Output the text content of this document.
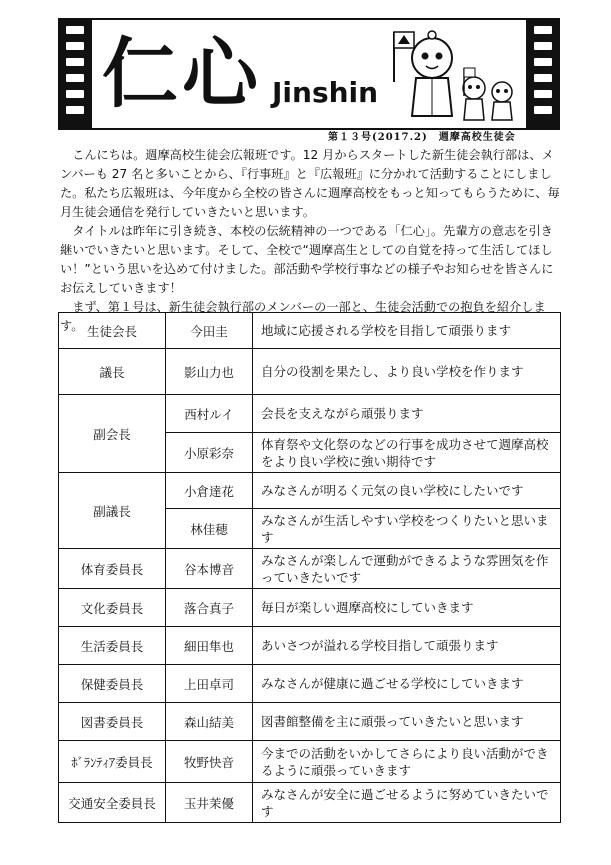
仁心 Jinshin
第１３号(2017.2)　週摩高校生徒会

こんにちは。週摩高校生徒会広報班です。12 月からスタートした新生徒会執行部は、メンバーも 27 名と多いことから、『行事班』と『広報班』に分かれて活動することにしました。私たち広報班は、今年度から全校の皆さんに週摩高校をもっと知ってもらうために、毎月生徒会通信を発行していきたいと思います。

タイトルは昨年に引き続き、本校の伝統精神の一つである「仁心」。先輩方の意志を引き継いでいきたいと思います。そして、全校で“週摩高生としての自覚を持って生活してほしい！”という思いを込めて付けました。部活動や学校行事などの様子やお知らせを皆さんにお伝えしていきます！

まず、第１号は、新生徒会執行部のメンバーの一部と、生徒会活動での抱負を紹介します。 生徒会長	今田圭	地域に応援される学校を目指して頑張ります
議長	影山力也	自分の役割を果たし、より良い学校を作ります
副会長	西村ルイ	会長を支えながら頑張ります
	小原彩奈	体育祭や文化祭のなどの行事を成功させて週摩高校をより良い学校に強い期待です
副議長	小倉達花	みなさんが明るく元気の良い学校にしたいです
	林佳穂	みなさんが生活しやすい学校をつくりたいと思います
体育委員長	谷本博音	みなさんが楽しんで運動ができるような雰囲気を作っていきたいです
文化委員長	落合真子	毎日が楽しい週摩高校にしていきます
生活委員長	細田隼也	あいさつが溢れる学校目指して頑張ります
保健委員長	上田卓司	みなさんが健康に過ごせる学校にしていきます
図書委員長	森山結美	図書館整備を主に頑張っていきたいと思います
ﾎﾞﾗﾝﾃｨｱ委員長	牧野快音	今までの活動をいかしてさらにより良い活動ができるように頑張っていきます
交通安全委員長	玉井茉優	みなさんが安全に過ごせるように努めていきたいです
